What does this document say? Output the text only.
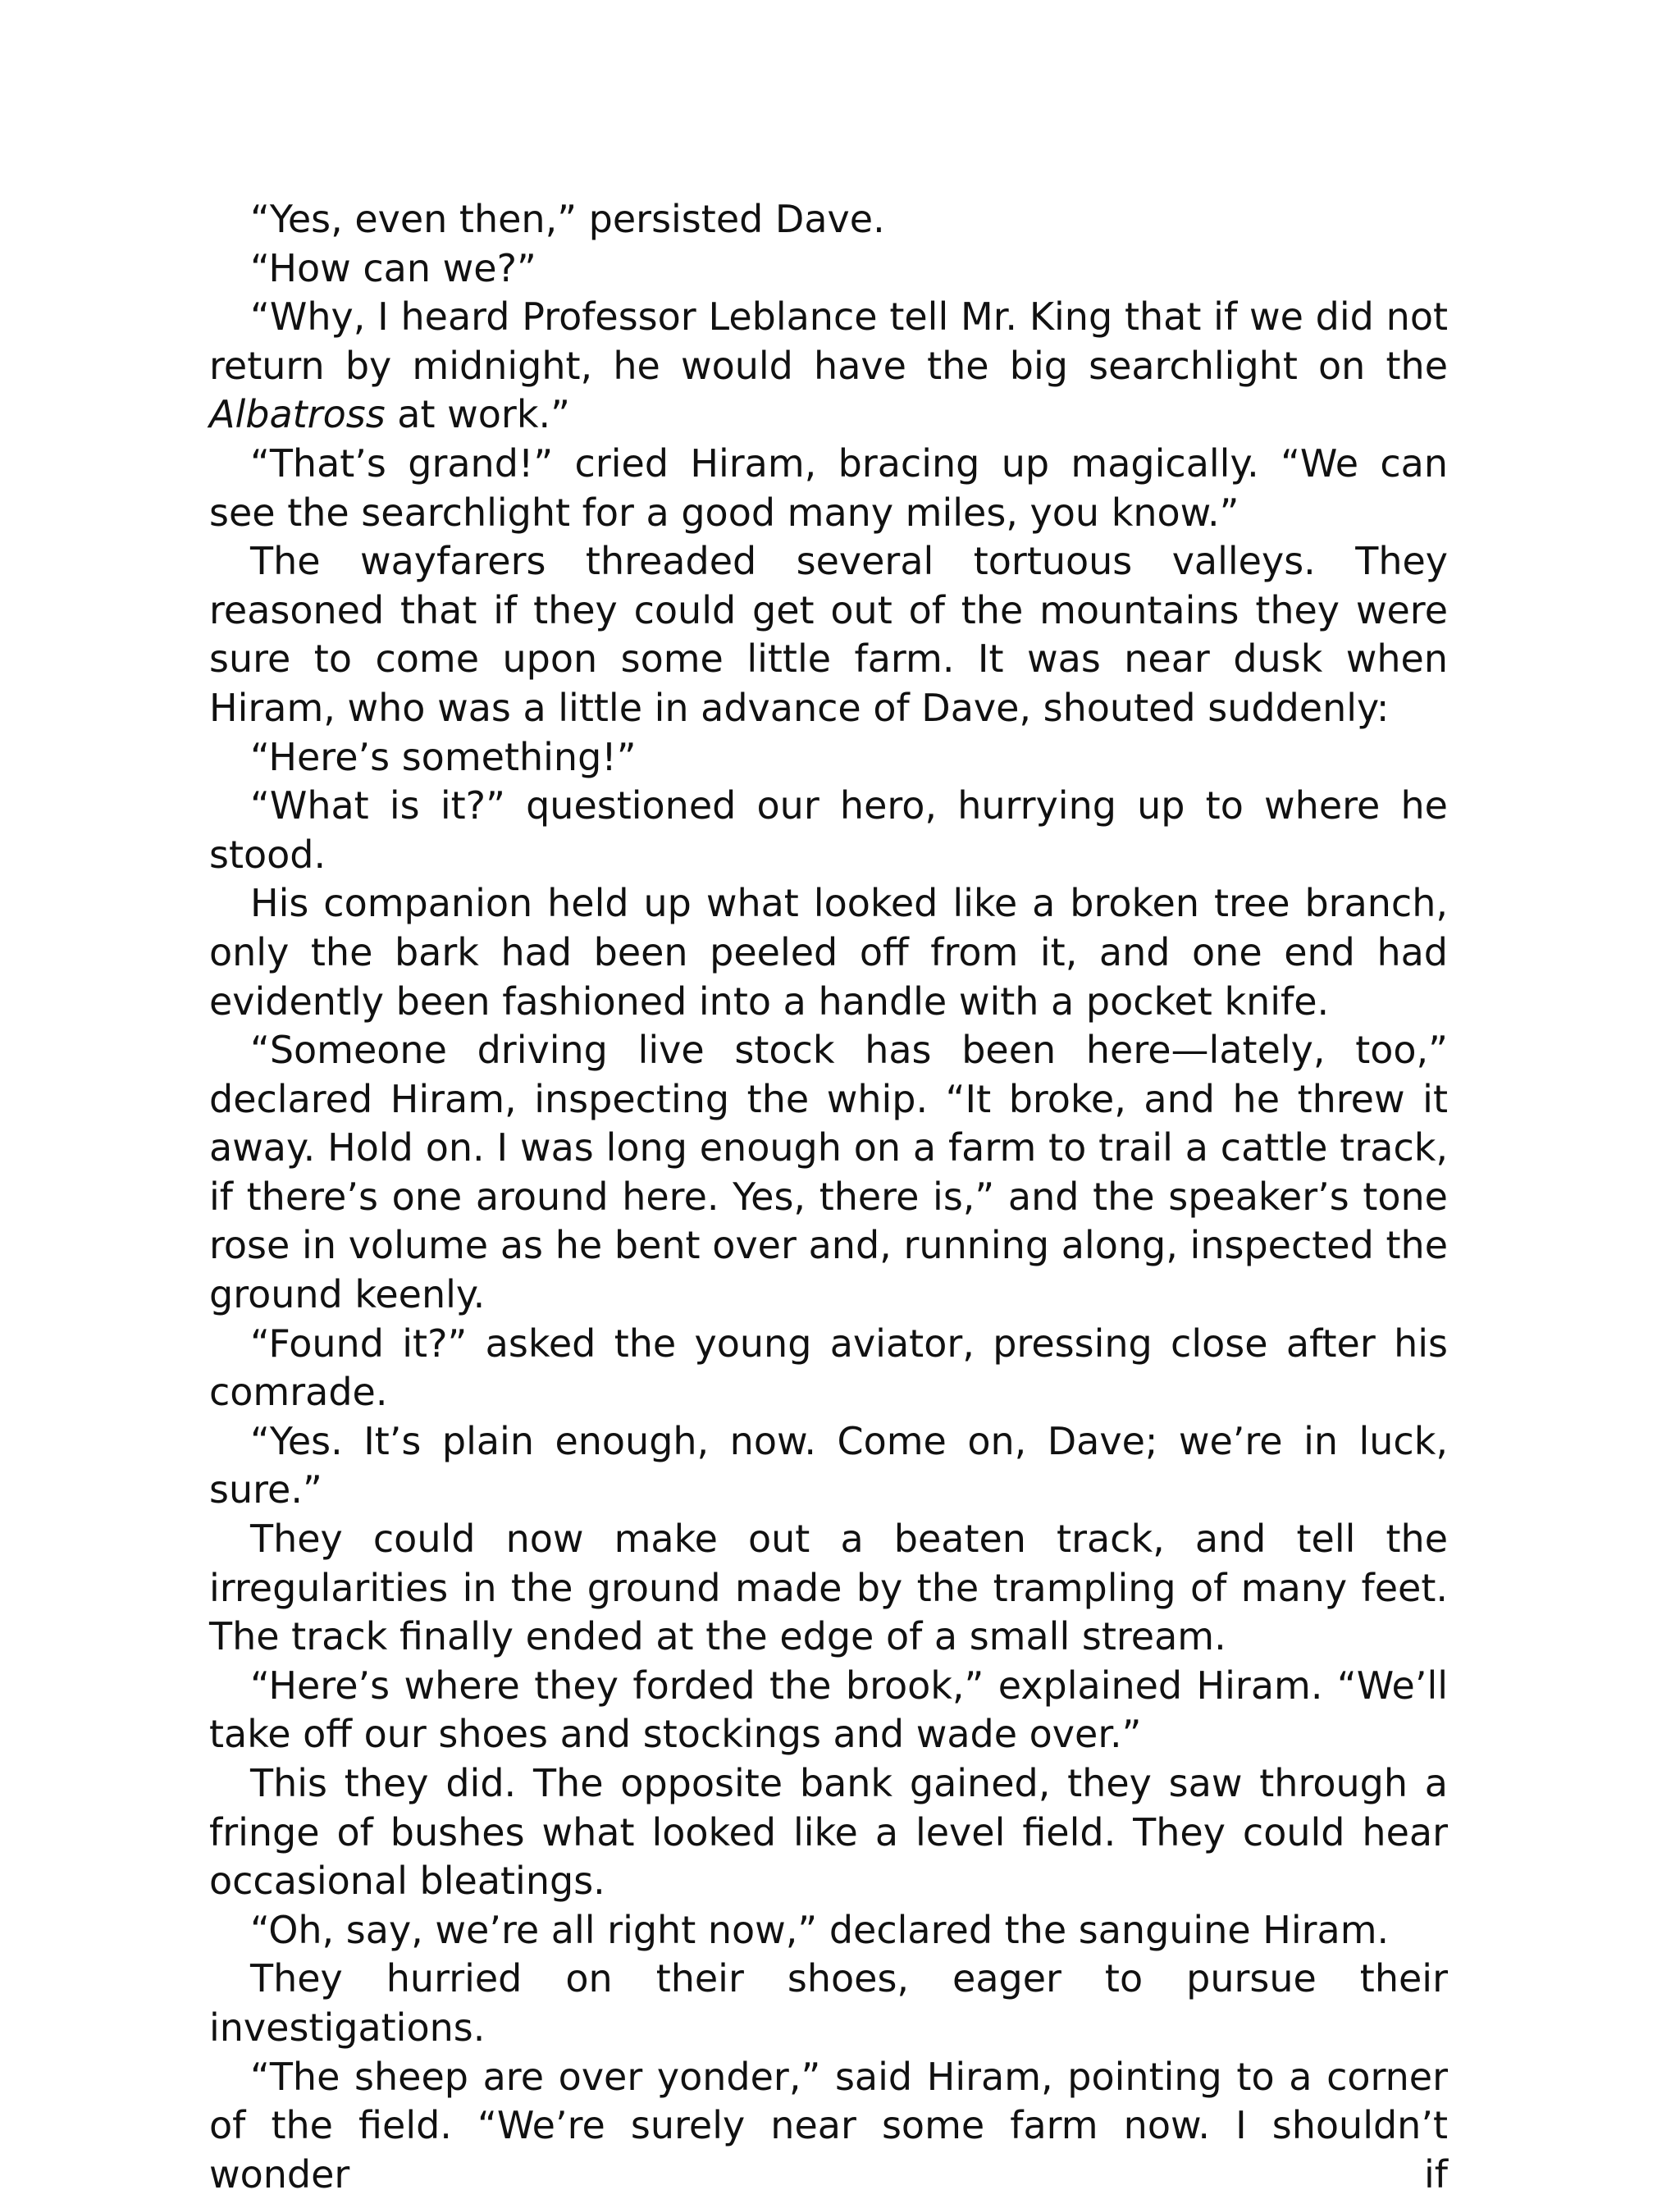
“Yes, even then,” persisted Dave.

“How can we?”

“Why, I heard Professor Leblance tell Mr. King that if we did not return by midnight, he would have the big searchlight on the Albatross at work.”

“That’s grand!” cried Hiram, bracing up magically. “We can see the searchlight for a good many miles, you know.”

The wayfarers threaded several tortuous valleys. They reasoned that if they could get out of the mountains they were sure to come upon some little farm. It was near dusk when Hiram, who was a little in advance of Dave, shouted suddenly:

“Here’s something!”

“What is it?” questioned our hero, hurrying up to where he stood.

His companion held up what looked like a broken tree branch, only the bark had been peeled off from it, and one end had evidently been fashioned into a handle with a pocket knife.

“Someone driving live stock has been here—lately, too,” declared Hiram, inspecting the whip. “It broke, and he threw it away. Hold on. I was long enough on a farm to trail a cattle track, if there’s one around here. Yes, there is,” and the speaker’s tone rose in volume as he bent over and, running along, inspected the ground keenly.

“Found it?” asked the young aviator, pressing close after his comrade.

“Yes. It’s plain enough, now. Come on, Dave; we’re in luck, sure.”

They could now make out a beaten track, and tell the irregularities in the ground made by the trampling of many feet. The track finally ended at the edge of a small stream.

“Here’s where they forded the brook,” explained Hiram. “We’ll take off our shoes and stockings and wade over.”

This they did. The opposite bank gained, they saw through a fringe of bushes what looked like a level field. They could hear occasional bleatings.

“Oh, say, we’re all right now,” declared the sanguine Hiram.

They hurried on their shoes, eager to pursue their investigations.

“The sheep are over yonder,” said Hiram, pointing to a corner of the field. “We’re surely near some farm now. I shouldn’t wonder if
